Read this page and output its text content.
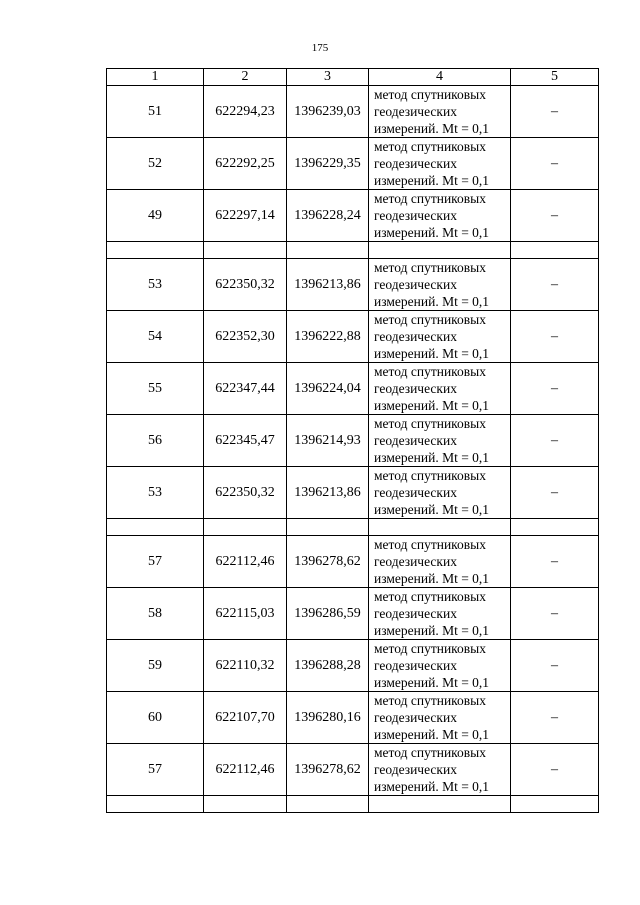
175
1	2	3	4	5
51	622294,23	1396239,03	метод спутниковых геодезических измерений. Mt = 0,1	–
52	622292,25	1396229,35	метод спутниковых геодезических измерений. Mt = 0,1	–
49	622297,14	1396228,24	метод спутниковых геодезических измерений. Mt = 0,1	–

53	622350,32	1396213,86	метод спутниковых геодезических измерений. Mt = 0,1	–
54	622352,30	1396222,88	метод спутниковых геодезических измерений. Mt = 0,1	–
55	622347,44	1396224,04	метод спутниковых геодезических измерений. Mt = 0,1	–
56	622345,47	1396214,93	метод спутниковых геодезических измерений. Mt = 0,1	–
53	622350,32	1396213,86	метод спутниковых геодезических измерений. Mt = 0,1	–

57	622112,46	1396278,62	метод спутниковых геодезических измерений. Mt = 0,1	–
58	622115,03	1396286,59	метод спутниковых геодезических измерений. Mt = 0,1	–
59	622110,32	1396288,28	метод спутниковых геодезических измерений. Mt = 0,1	–
60	622107,70	1396280,16	метод спутниковых геодезических измерений. Mt = 0,1	–
57	622112,46	1396278,62	метод спутниковых геодезических измерений. Mt = 0,1	–
